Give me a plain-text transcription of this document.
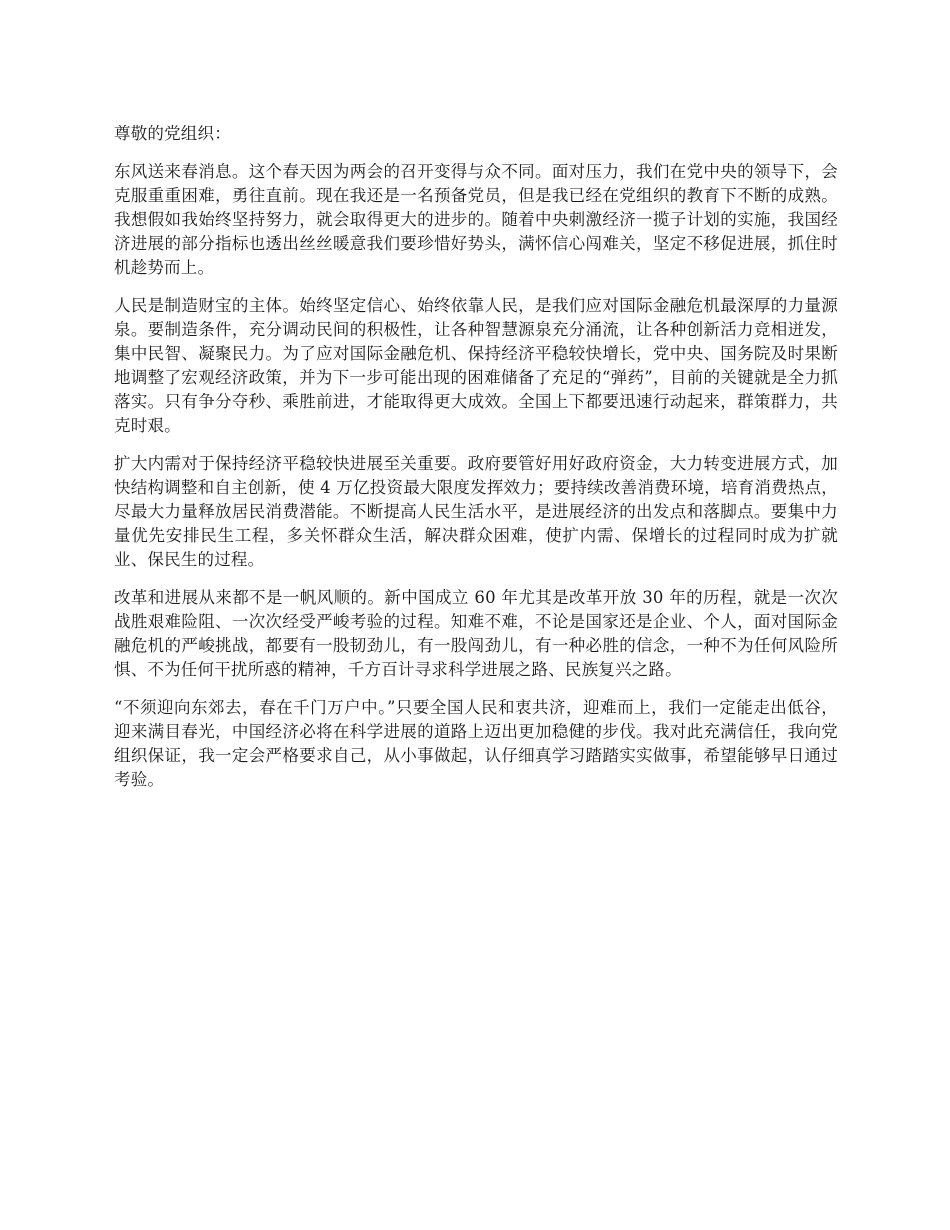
尊敬的党组织：

东风送来春消息。这个春天因为两会的召开变得与众不同。面对压力，我们在党中央的领导下，会克服重重困难，勇往直前。现在我还是一名预备党员，但是我已经在党组织的教育下不断的成熟。我想假如我始终坚持努力，就会取得更大的进步的。随着中央刺激经济一揽子计划的实施，我国经济进展的部分指标也透出丝丝暖意我们要珍惜好势头，满怀信心闯难关，坚定不移促进展，抓住时机趁势而上。

人民是制造财宝的主体。始终坚定信心、始终依靠人民，是我们应对国际金融危机最深厚的力量源泉。要制造条件，充分调动民间的积极性，让各种智慧源泉充分涌流，让各种创新活力竞相迸发，集中民智、凝聚民力。为了应对国际金融危机、保持经济平稳较快增长，党中央、国务院及时果断地调整了宏观经济政策，并为下一步可能出现的困难储备了充足的“弹药”，目前的关键就是全力抓落实。只有争分夺秒、乘胜前进，才能取得更大成效。全国上下都要迅速行动起来，群策群力，共克时艰。

扩大内需对于保持经济平稳较快进展至关重要。政府要管好用好政府资金，大力转变进展方式，加快结构调整和自主创新，使 4 万亿投资最大限度发挥效力；要持续改善消费环境，培育消费热点，尽最大力量释放居民消费潜能。不断提高人民生活水平，是进展经济的出发点和落脚点。要集中力量优先安排民生工程，多关怀群众生活，解决群众困难，使扩内需、保增长的过程同时成为扩就业、保民生的过程。

改革和进展从来都不是一帆风顺的。新中国成立 60 年尤其是改革开放 30 年的历程，就是一次次战胜艰难险阻、一次次经受严峻考验的过程。知难不难，不论是国家还是企业、个人，面对国际金融危机的严峻挑战，都要有一股韧劲儿，有一股闯劲儿，有一种必胜的信念，一种不为任何风险所惧、不为任何干扰所惑的精神，千方百计寻求科学进展之路、民族复兴之路。

“不须迎向东郊去，春在千门万户中。”只要全国人民和衷共济，迎难而上，我们一定能走出低谷，迎来满目春光，中国经济必将在科学进展的道路上迈出更加稳健的步伐。我对此充满信任，我向党组织保证，我一定会严格要求自己，从小事做起，认仔细真学习踏踏实实做事，希望能够早日通过考验。
